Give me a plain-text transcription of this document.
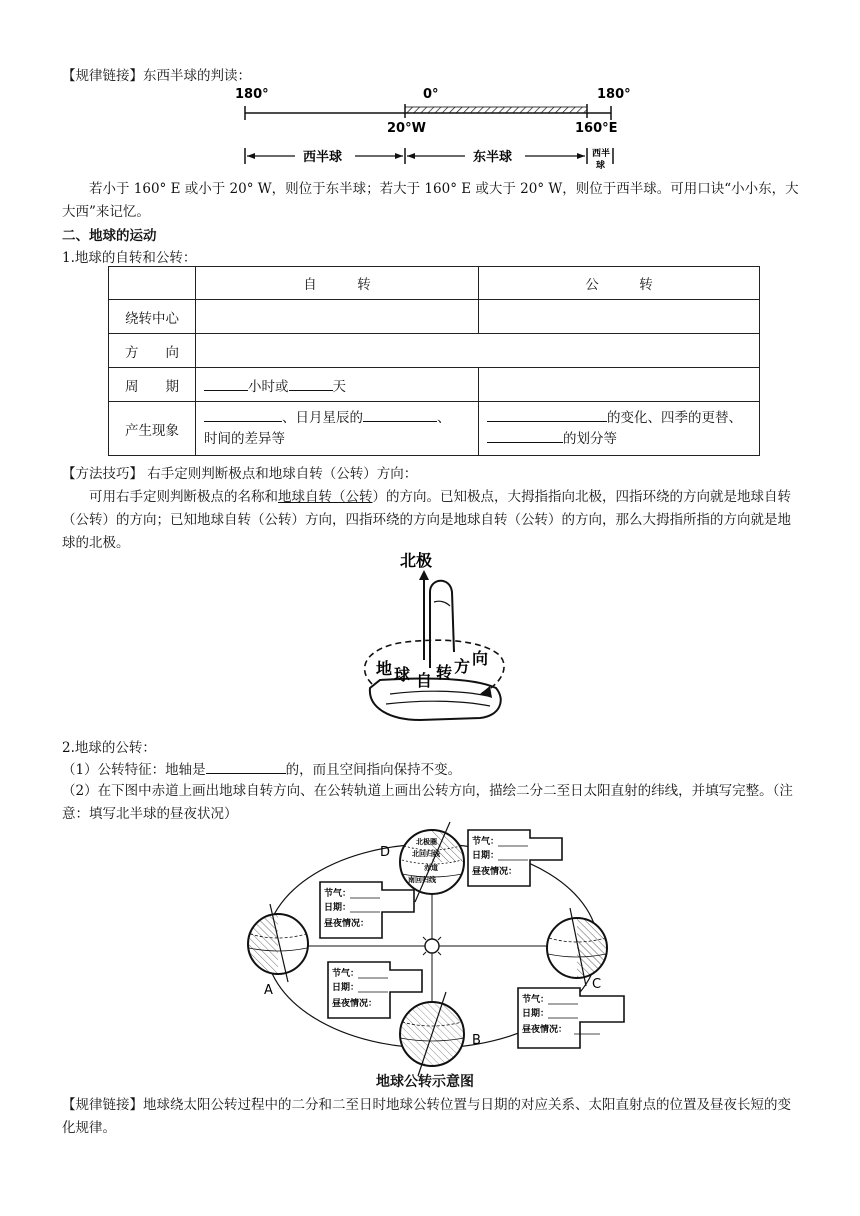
【规律链接】东西半球的判读：
180°	0°	180°
20°W	160°E
西半球	东半球	西半
球
若小于 160° E 或小于 20° W，则位于东半球；若大于 160° E 或大于 20° W，则位于西半球。可用口诀“小小东，大大西”来记忆。
二、地球的运动
1.地球的自转和公转：
	自　　　转	公　　　转
绕转中心		
方　　向		
周　　期	小时或 天	
产生现象	、日月星辰的 、
时间的差异等	的变化、四季的更替、
的划分等
【方法技巧】 右手定则判断极点和地球自转（公转）方向：
可用右手定则判断极点的名称和地球自转（公转）的方向。已知极点，大拇指指向北极，四指环绕的方向就是地球自转（公转）的方向；已知地球自转（公转）方向，四指环绕的方向是地球自转（公转）的方向，那么大拇指所指的方向就是地球的北极。
北极
地 球 自 转 方 向
2.地球的公转：
（1）公转特征：地轴是	的，而且空间指向保持不变。
（2）在下图中赤道上画出地球自转方向、在公转轨道上画出公转方向，描绘二分二至日太阳直射的纬线，并填写完整。（注意：填写北半球的昼夜状况）
北极圈
北回归线
赤道
南回归线
D
A	C
B
节气：
日期：
昼夜情况：
节气：
日期：
昼夜情况：
节气：
日期：
昼夜情况：	节气：
日期：
昼夜情况：
地球公转示意图
【规律链接】地球绕太阳公转过程中的二分和二至日时地球公转位置与日期的对应关系、太阳直射点的位置及昼夜长短的变化规律。
